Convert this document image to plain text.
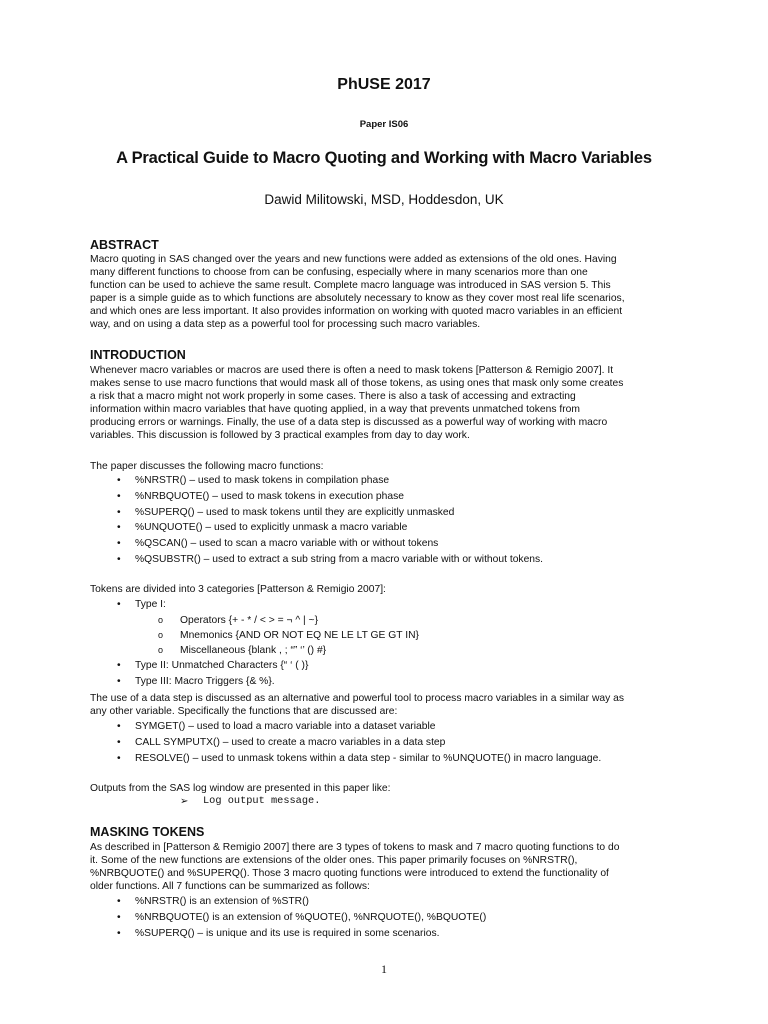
PhUSE 2017
Paper IS06
A Practical Guide to Macro Quoting and Working with Macro Variables
Dawid Militowski, MSD, Hoddesdon, UK
ABSTRACT
Macro quoting in SAS changed over the years and new functions were added as extensions of the old ones. Having
many different functions to choose from can be confusing, especially where in many scenarios more than one
function can be used to achieve the same result. Complete macro language was introduced in SAS version 5. This
paper is a simple guide as to which functions are absolutely necessary to know as they cover most real life scenarios,
and which ones are less important. It also provides information on working with quoted macro variables in an efficient
way, and on using a data step as a powerful tool for processing such macro variables.
INTRODUCTION
Whenever macro variables or macros are used there is often a need to mask tokens [Patterson & Remigio 2007]. It
makes sense to use macro functions that would mask all of those tokens, as using ones that mask only some creates
a risk that a macro might not work properly in some cases. There is also a task of accessing and extracting
information within macro variables that have quoting applied, in a way that prevents unmatched tokens from
producing errors or warnings. Finally, the use of a data step is discussed as a powerful way of working with macro
variables. This discussion is followed by 3 practical examples from day to day work.
The paper discusses the following macro functions:
• %NRSTR() – used to mask tokens in compilation phase
• %NRBQUOTE() – used to mask tokens in execution phase
• %SUPERQ() – used to mask tokens until they are explicitly unmasked
• %UNQUOTE() – used to explicitly unmask a macro variable
• %QSCAN() – used to scan a macro variable with or without tokens
• %QSUBSTR() – used to extract a sub string from a macro variable with or without tokens.
Tokens are divided into 3 categories [Patterson & Remigio 2007]:
• Type I:
o Operators {+ - * / < > = ¬ ^ | ~}
o Mnemonics {AND OR NOT EQ NE LE LT GE GT IN}
o Miscellaneous {blank , ; “” ‘’ () #}
• Type II: Unmatched Characters {“ ‘ ( )}
• Type III: Macro Triggers {& %}.
The use of a data step is discussed as an alternative and powerful tool to process macro variables in a similar way as
any other variable. Specifically the functions that are discussed are:
• SYMGET() – used to load a macro variable into a dataset variable
• CALL SYMPUTX() – used to create a macro variables in a data step
• RESOLVE() – used to unmask tokens within a data step - similar to %UNQUOTE() in macro language.
Outputs from the SAS log window are presented in this paper like:
➢ Log output message.
MASKING TOKENS
As described in [Patterson & Remigio 2007] there are 3 types of tokens to mask and 7 macro quoting functions to do
it. Some of the new functions are extensions of the older ones. This paper primarily focuses on %NRSTR(),
%NRBQUOTE() and %SUPERQ(). Those 3 macro quoting functions were introduced to extend the functionality of
older functions. All 7 functions can be summarized as follows:
• %NRSTR() is an extension of %STR()
• %NRBQUOTE() is an extension of %QUOTE(), %NRQUOTE(), %BQUOTE()
• %SUPERQ() – is unique and its use is required in some scenarios.
1
